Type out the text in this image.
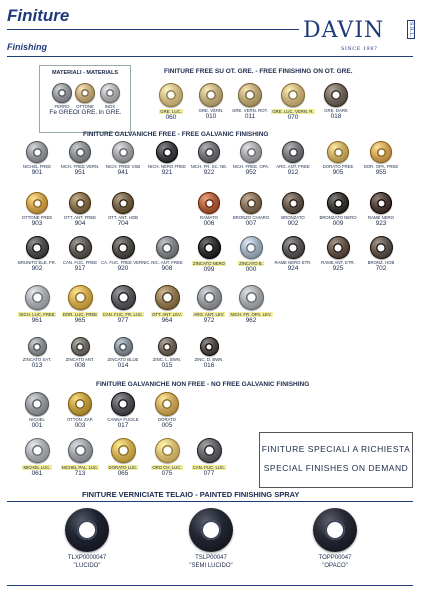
Finiture
Finishing
DAVIN	S.R.L.
SINCE 1987
MATERIALI - MATERIALS	FINITURE FREE SU OT. GRE. - FREE FINISHING ON OT. GRE.
FINITURE GALVANICHE FREE - FREE GALVANIC FINISHING
FINITURE GALVANICHE NON FREE - NO FREE GALVANIC FINISHING
FINITURE VERNICIATE TELAIO - PAINTED FINISHING SPRAY
FINITURE SPECIALI A RICHIESTA
SPECIAL FINISHES ON DEMAND
FERRO
Fe GRE.
OTTONE
Ot GRE.
INOX
In GRE.	GRE. LUC.
060
GRE. VERN.
010
GRE. VERN. ROT.
011
GRE. LUC. VERN. R.
070
GRE. DARK
018
NICHEL FREE
901
NICH. FREE VERN.
951
NICH. FREE VSB
941
NICH. NERO FREE
921
NICH. FR. SC. NE.
922
NICH. FREE, OPA.
952
ARG. ANT. FREE
912
DORATO FREE
905
DOR. OPA. FREE
955
OTTONE FREE
903
OTT. ANT. FREE
904
OTT. ANT. HOB
704
RAMATO
006
BRONZO CHIARO
007
BRONZATO
002
BRONZATO NERO
009
RAME NERO
923
BRUNITO ELE. FR.
902
CAN. FUC. FREE
917
CA. FUC. FREE VERNIC.
920
NIC. ANT. FREE
908
ZINCATO NERO
099
ZINCATO B.
000
RAME NERO ETR.
924
RAME ANT. ETR.
925
BRONZ. HOB
702
NICH. LUC. FREE
961
DOR. LUC. FREE
965
CAN. FUC. FR. LUC.
977
OTT. ANT. LEV.
964
ARG. ANT. LEV.
972
NICH. FR. OPA. LEV.
962
ZINCATO SAT.
013
ZINCATO ANT.
008
ZINCATO BLUE
014
ZINC. L. BWN.
015
ZINC. D. BWN.
016
NICHEL
001
OTTON. ZAP.
003
CANNA FUCILE
017
DORATO
005
MICHEL LUC.
061
NICHEL PAL. LUC.
713
DORATO LUC.
065
ORO CH. LUC.
075
CAN. FUC. LUC.
077
TLXP0000047
"LUCIDO"
TSLP00047
"SEMI LUCIDO"
TOPP00047
"OPACO"
